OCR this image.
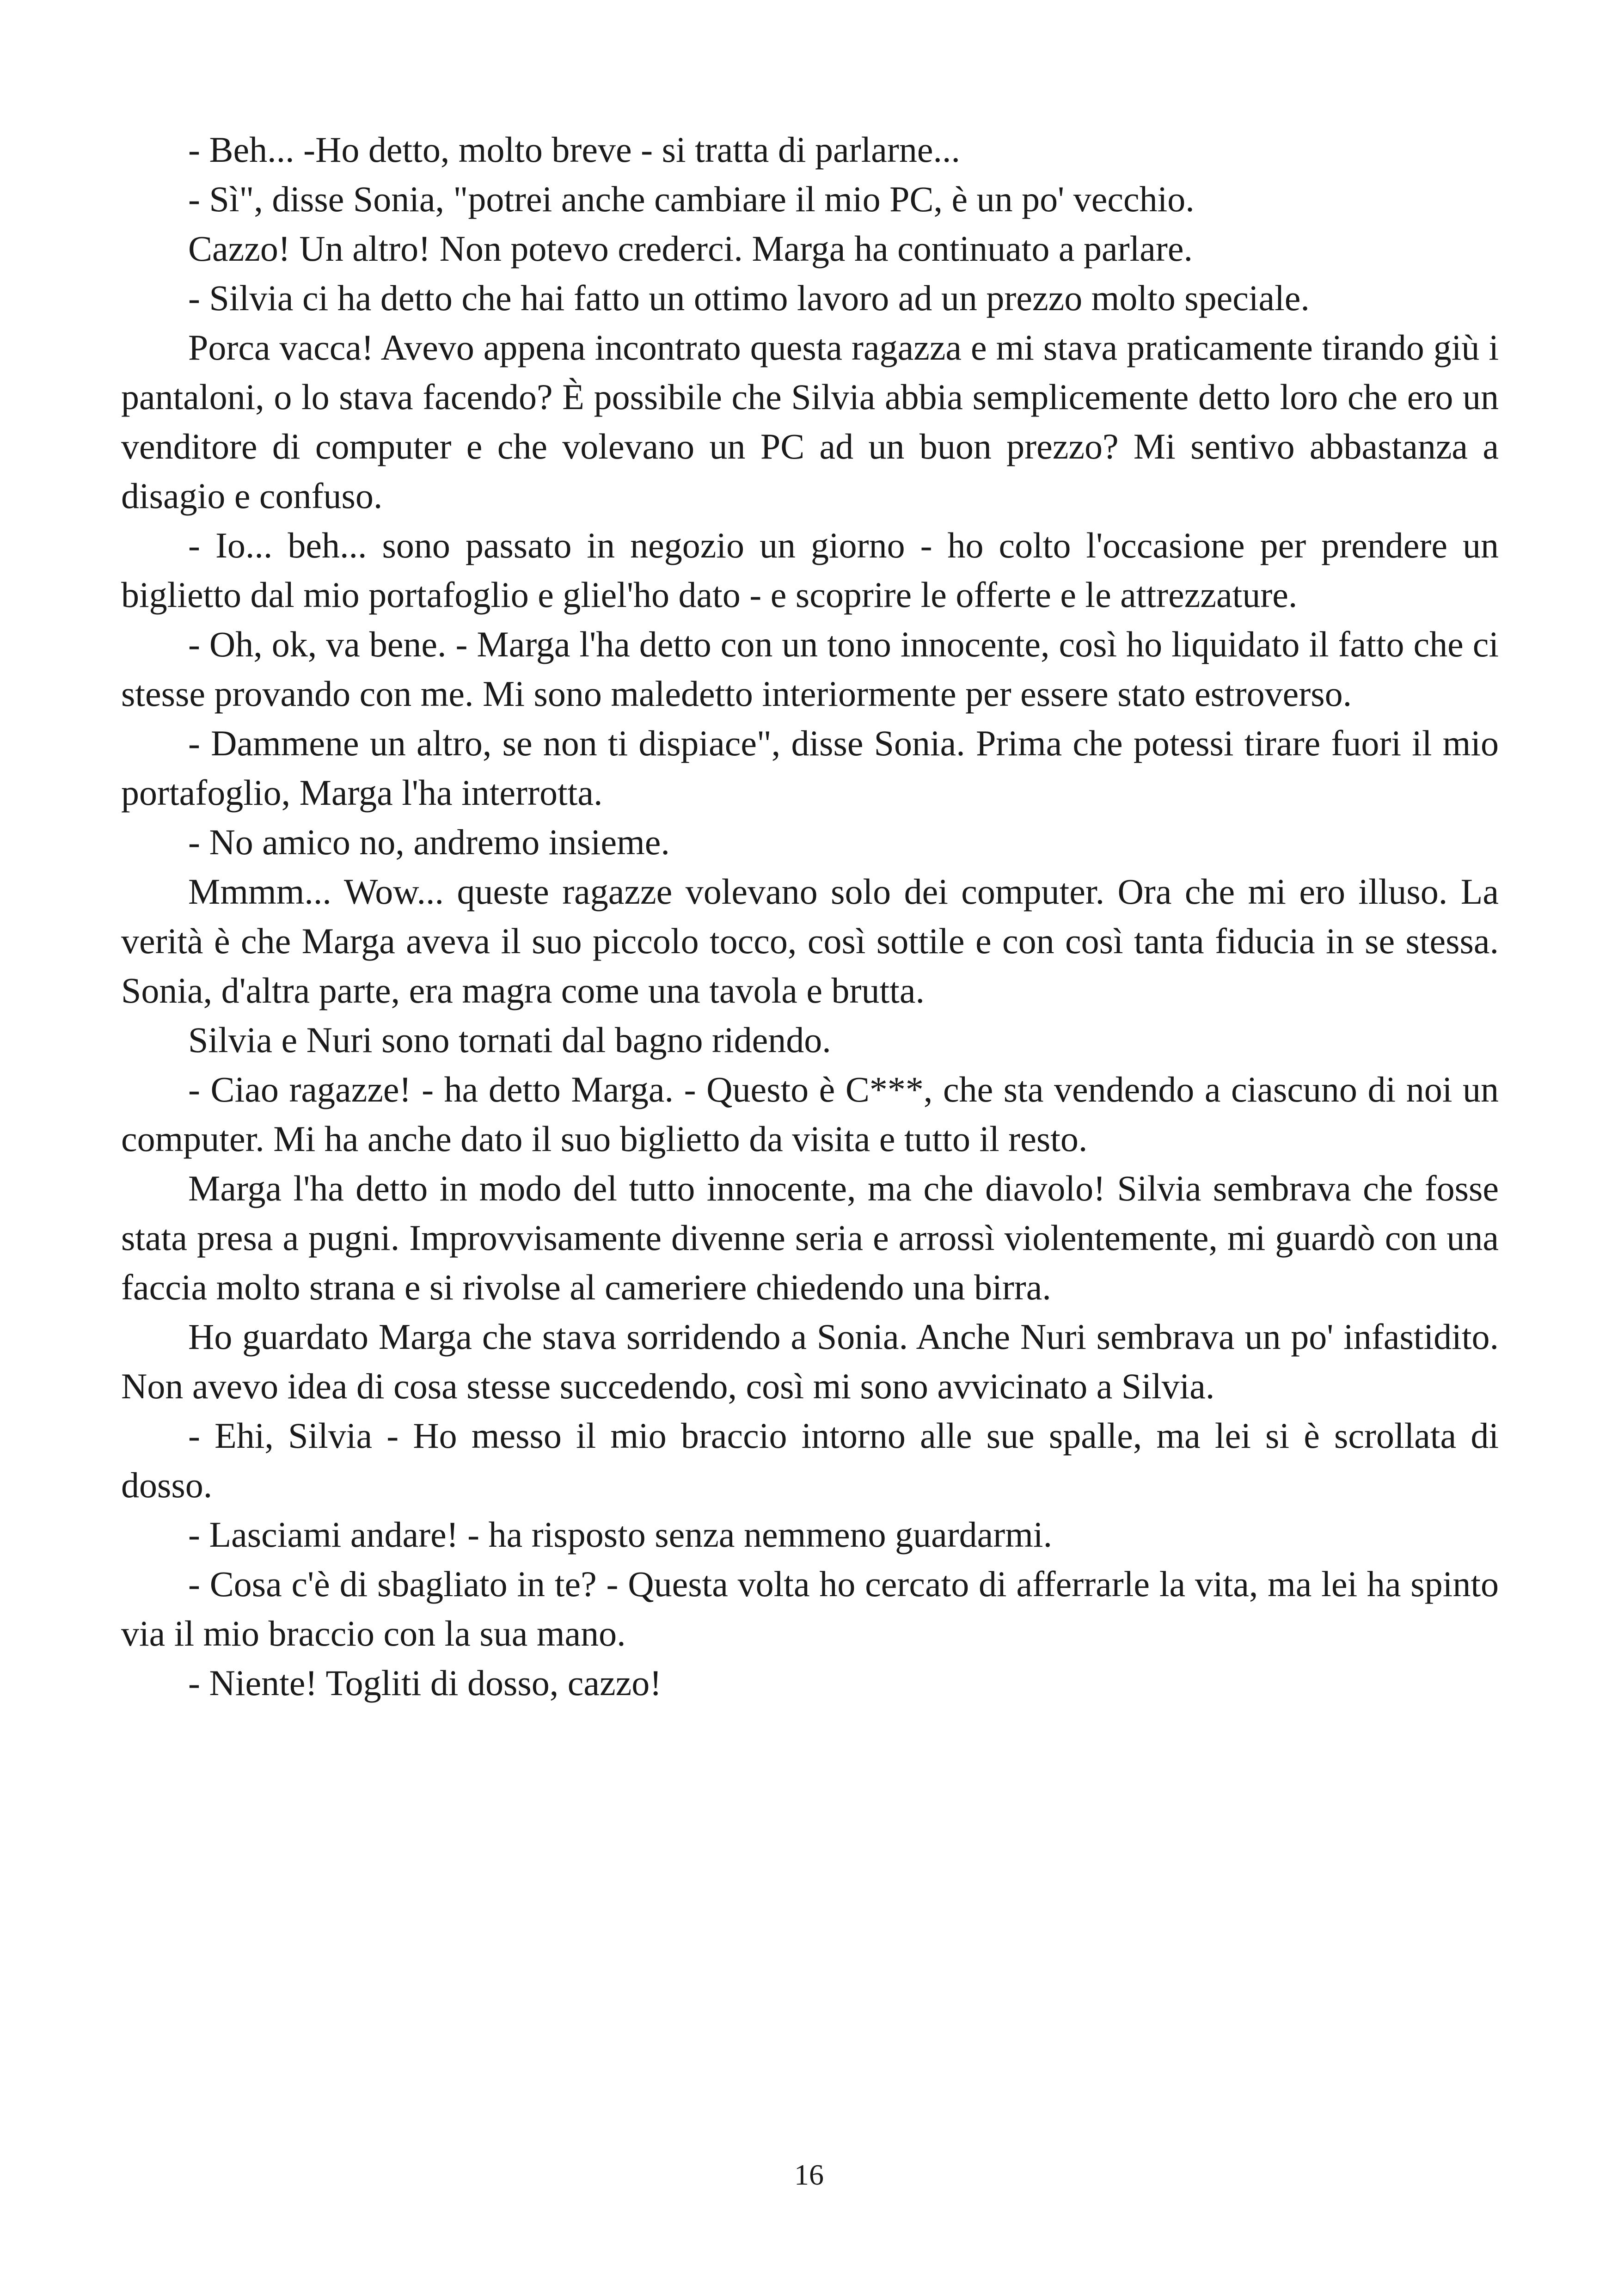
- Beh... -Ho detto, molto breve - si tratta di parlarne...

- Sì", disse Sonia, "potrei anche cambiare il mio PC, è un po' vecchio.

Cazzo! Un altro! Non potevo crederci. Marga ha continuato a parlare.

- Silvia ci ha detto che hai fatto un ottimo lavoro ad un prezzo molto speciale.

Porca vacca! Avevo appena incontrato questa ragazza e mi stava praticamente tirando giù i pantaloni, o lo stava facendo? È possibile che Silvia abbia semplicemente detto loro che ero un venditore di computer e che volevano un PC ad un buon prezzo? Mi sentivo abbastanza a disagio e confuso.

- Io... beh... sono passato in negozio un giorno - ho colto l'occasione per prendere un biglietto dal mio portafoglio e gliel'ho dato - e scoprire le offerte e le attrezzature.

- Oh, ok, va bene. - Marga l'ha detto con un tono innocente, così ho liquidato il fatto che ci stesse provando con me. Mi sono maledetto interiormente per essere stato estroverso.

- Dammene un altro, se non ti dispiace", disse Sonia. Prima che potessi tirare fuori il mio portafoglio, Marga l'ha interrotta.

- No amico no, andremo insieme.

Mmmm... Wow... queste ragazze volevano solo dei computer. Ora che mi ero illuso. La verità è che Marga aveva il suo piccolo tocco, così sottile e con così tanta fiducia in se stessa. Sonia, d'altra parte, era magra come una tavola e brutta.

Silvia e Nuri sono tornati dal bagno ridendo.

- Ciao ragazze! - ha detto Marga. - Questo è C***, che sta vendendo a ciascuno di noi un computer. Mi ha anche dato il suo biglietto da visita e tutto il resto.

Marga l'ha detto in modo del tutto innocente, ma che diavolo! Silvia sembrava che fosse stata presa a pugni. Improvvisamente divenne seria e arrossì violentemente, mi guardò con una faccia molto strana e si rivolse al cameriere chiedendo una birra.

Ho guardato Marga che stava sorridendo a Sonia. Anche Nuri sembrava un po' infastidito. Non avevo idea di cosa stesse succedendo, così mi sono avvicinato a Silvia.

- Ehi, Silvia - Ho messo il mio braccio intorno alle sue spalle, ma lei si è scrollata di dosso.

- Lasciami andare! - ha risposto senza nemmeno guardarmi.

- Cosa c'è di sbagliato in te? - Questa volta ho cercato di afferrarle la vita, ma lei ha spinto via il mio braccio con la sua mano.

- Niente! Togliti di dosso, cazzo!

16
